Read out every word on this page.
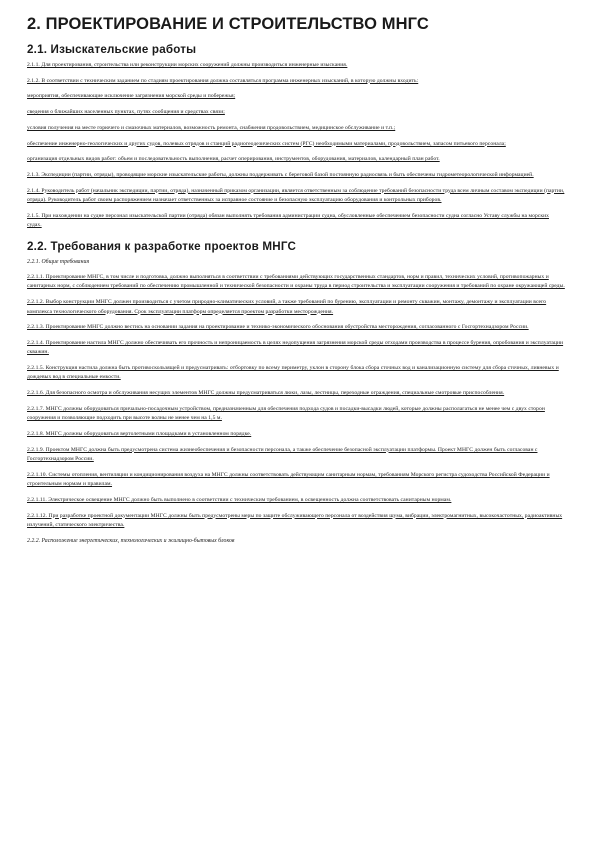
2. ПРОЕКТИРОВАНИЕ И СТРОИТЕЛЬСТВО МНГС
2.1. Изыскательские работы
2.1.1. Для проектирования, строительства или реконструкции морских сооружений должны производиться инженерные изыскания.
2.1.2. В соответствии с техническим заданием по стадиям проектирования должна составляться программа инженерных изысканий, в которую должны входить:
мероприятия, обеспечивающие исключение загрязнения морской среды и побережья;
сведения о ближайших населенных пунктах, путях сообщения и средствах связи;
условия получения на месте горючего и смазочных материалов, возможность ремонта, снабжения продовольствием, медицинское обслуживание и т.п.;
обеспечение инженерно-геологических и других судов, полевых отрядов и станций радиогеодезических систем (РГС) необходимыми материалами, продовольствием, запасом питьевого персонала;
организация отдельных видов работ: объем и последовательность выполнения, расчет оперирования, инструментов, оборудования, материалов, календарный план работ.
2.1.3. Экспедиции (партии, отряды), проводящие морские изыскательские работы, должны поддерживать с береговой базой постоянную радиосвязь и быть обеспечены гидрометеорологической информацией.
2.1.4. Руководитель работ (начальник экспедиции, партии, отряда), назначенный приказом организации, является ответственным за соблюдение требований безопасности труда всем личным составом экспедиции (партии, отряда). Руководитель работ своим распоряжением назначает ответственных за исправное состояние и безопасную эксплуатацию оборудования и контрольных приборов.
2.1.5. При нахождении на судне персонал изыскательской партии (отряда) обязан выполнять требования администрации судна, обусловленные обеспечением безопасности судна согласно Уставу службы на морских судах.
2.2. Требования к разработке проектов МНГС
2.2.1. Общие требования
2.2.1.1. Проектирование МНГС, в том числе и подготовка, должно выполняться в соответствии с требованиями действующих государственных стандартов, норм и правил, технических условий, противопожарных и санитарных норм, с соблюдением требований по обеспечению промышленной и технической безопасности и охраны труда в период строительства и эксплуатации сооружения и требований по охране окружающей среды.
2.2.1.2. Выбор конструкции МНГС должен производиться с учетом природно-климатических условий, а также требований по бурению, эксплуатации и ремонту скважин, монтажу, демонтажу и эксплуатации всего комплекса технологического оборудования. Срок эксплуатации платформ определяется проектом разработки месторождения.
2.2.1.3. Проектирование МНГС должно вестись на основании задания на проектирование и технико-экономического обоснования обустройства месторождения, согласованного с Госгортехнадзором России.
2.2.1.4. Проектирование настила МНГС должно обеспечивать его прочность и непроницаемость в целях недопущения загрязнения морской среды отходами производства в процессе бурения, опробования и эксплуатации скважин.
2.2.1.5. Конструкция настила должна быть противоскользящей и предусматривать: отбортовку по всему периметру, уклон в сторону блока сбора сточных вод и канализационную систему для сбора сточных, ливневых и дождевых вод в специальные емкости.
2.2.1.6. Для безопасного осмотра и обслуживания несущих элементов МНГС должны предусматриваться люки, лазы, лестницы, переходные ограждения, специальные смотровые приспособления.
2.2.1.7. МНГС должны оборудоваться причально-посадочным устройством, предназначенным для обеспечения подхода судов и посадки-высадки людей, которые должны располагаться не менее чем с двух сторон сооружения и позволяющие подходить при высоте волны не менее чем на 1,5 м.
2.2.1.8. МНГС должны оборудоваться вертолетными площадками в установленном порядке.
2.2.1.9. Проектом МНГС должна быть предусмотрена система жизнеобеспечения и безопасности персонала, а также обеспечение безопасной эксплуатации платформы. Проект МНГС должен быть согласован с Госгортехнадзором России.
2.2.1.10. Системы отопления, вентиляции и кондиционирования воздуха на МНГС должны соответствовать действующим санитарным нормам, требованиям Морского регистра судоходства Российской Федерации и строительным нормам и правилам.
2.2.1.11. Электрическое освещение МНГС должно быть выполнено в соответствии с техническим требованием, в освещенность должна соответствовать санитарным нормам.
2.2.1.12. При разработке проектной документации МНГС должны быть предусмотрены меры по защите обслуживающего персонала от воздействия шума, вибрации, электромагнитных, высокочастотных, радиоактивных излучений, статического электричества.
2.2.2. Расположение энергетических, технологических и жилищно-бытовых блоков
